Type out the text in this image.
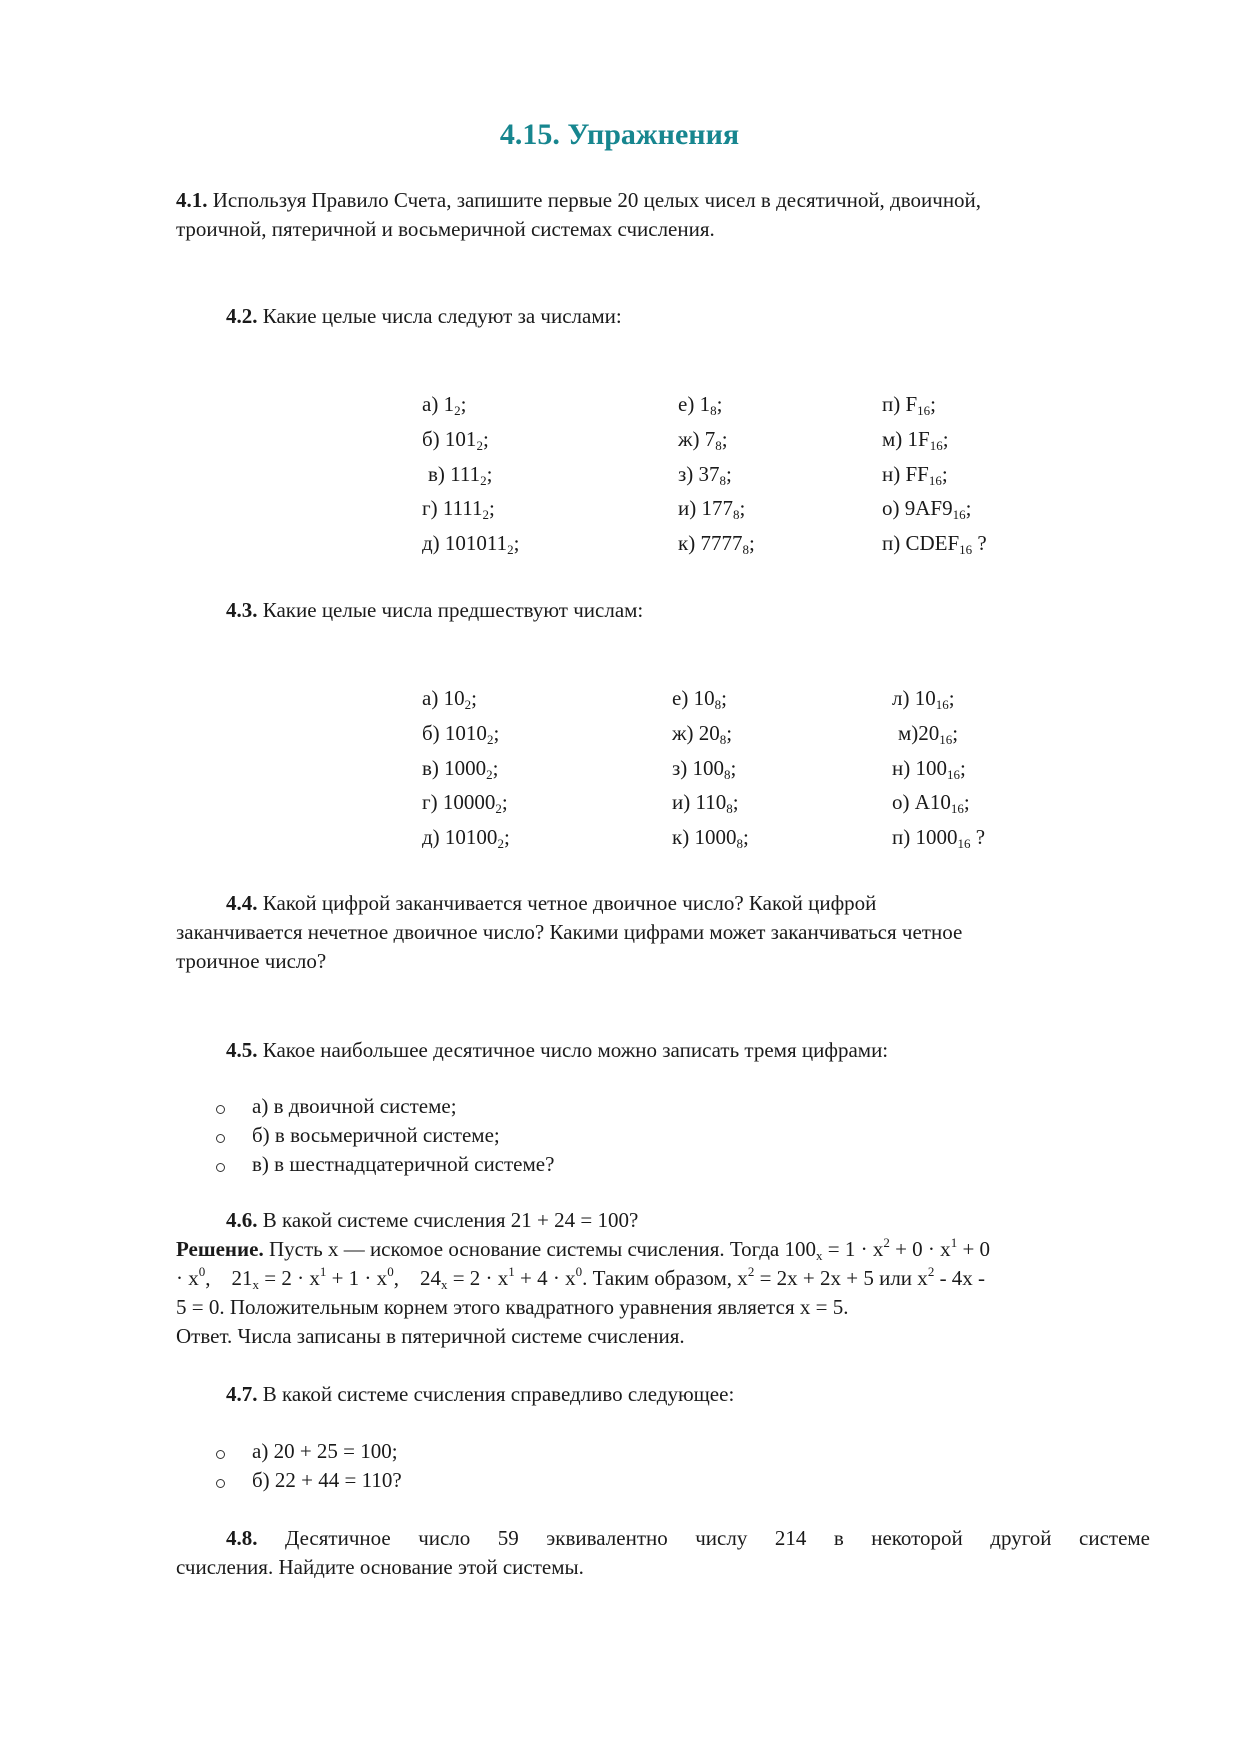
4.15. Упражнения

4.1. Используя Правило Счета, запишите первые 20 целых чисел в десятичной, двоичной,
троичной, пятеричной и восьмеричной системах счисления.

4.2. Какие целые числа следуют за числами:

а) $1_2$;
б) $101_2$;
в) $111_2$;
г) $1111_2$;
д) $101011_2$;
е) $1_8$;
ж) $7_8$;
з) $37_8$;
и) $177_8$;
к) $7777_8$;
п) $F_{16}$;
м) $1F_{16}$;
н) $FF_{16}$;
о) $9AF9_{16}$;
п) $CDEF_{16}$ ?

4.3. Какие целые числа предшествуют числам:

а) $10_2$;
б) $1010_2$;
в) $1000_2$;
г) $10000_2$;
д) $10100_2$;
е) $10_8$;
ж) $20_8$;
з) $100_8$;
и) $110_8$;
к) $1000_8$;
л) $10_{16}$;
$м)20_{16}$;
н) $100_{16}$;
о) $A10_{16}$;
п) $1000_{16}$ ?

4.4. Какой цифрой заканчивается четное двоичное число? Какой цифрой
заканчивается нечетное двоичное число? Какими цифрами может заканчиваться четное
троичное число?

4.5. Какое наибольшее десятичное число можно записать тремя цифрами:

а) в двоичной системе;
б) в восьмеричной системе;
в) в шестнадцатеричной системе?

4.6. В какой системе счисления 21 + 24 = 100?

Решение. Пусть x — искомое основание системы счисления. Тогда $100_x = 1 \cdot x^2 + 0 \cdot x^1 + 0$
· $x^0$,    $21_x = 2 \cdot x^1 + 1 \cdot x^0$,    $24_x = 2 \cdot x^1 + 4 \cdot x^0$. Таким образом, $x^2 = 2x + 2x + 5$ или $x^2 - 4x$ -
5 = 0. Положительным корнем этого квадратного уравнения является x = 5.
Ответ. Числа записаны в пятеричной системе счисления.

4.7. В какой системе счисления справедливо следующее:

а) 20 + 25 = 100;
б) 22 + 44 = 110?
4.8. Десятичное число 59 эквивалентно числу 214 в некоторой другой системе
счисления. Найдите основание этой системы.
